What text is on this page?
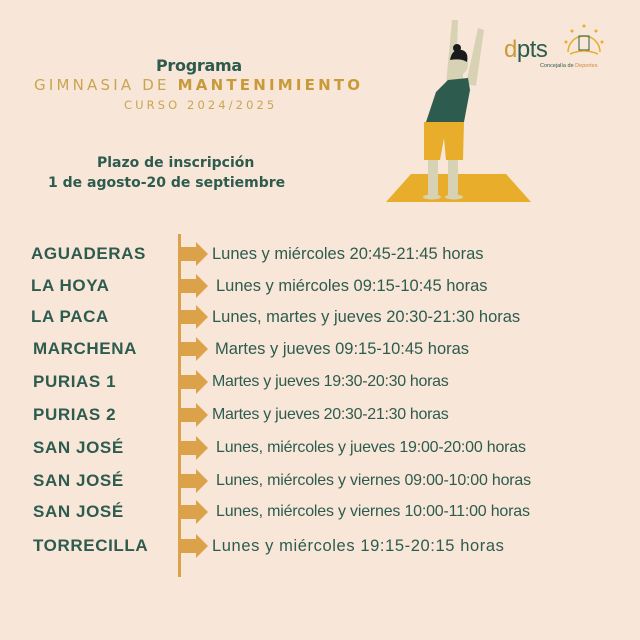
Programa
GIMNASIA DE MANTENIMIENTO
CURSO 2024/2025
Plazo de inscripción
1 de agosto-20 de septiembre
dpts
Concejalía de Deportes
AGUADERAS	Lunes y miércoles 20:45-21:45 horas
LA HOYA	Lunes y miércoles 09:15-10:45 horas
LA PACA	Lunes, martes y jueves 20:30-21:30 horas
MARCHENA	Martes y jueves 09:15-10:45 horas
PURIAS 1	Martes y jueves 19:30-20:30 horas
PURIAS 2	Martes y jueves 20:30-21:30 horas
SAN JOSÉ	Lunes, miércoles y jueves 19:00-20:00 horas
SAN JOSÉ	Lunes, miércoles y viernes 09:00-10:00 horas
SAN JOSÉ	Lunes, miércoles y viernes 10:00-11:00 horas
TORRECILLA	Lunes y miércoles 19:15-20:15 horas
